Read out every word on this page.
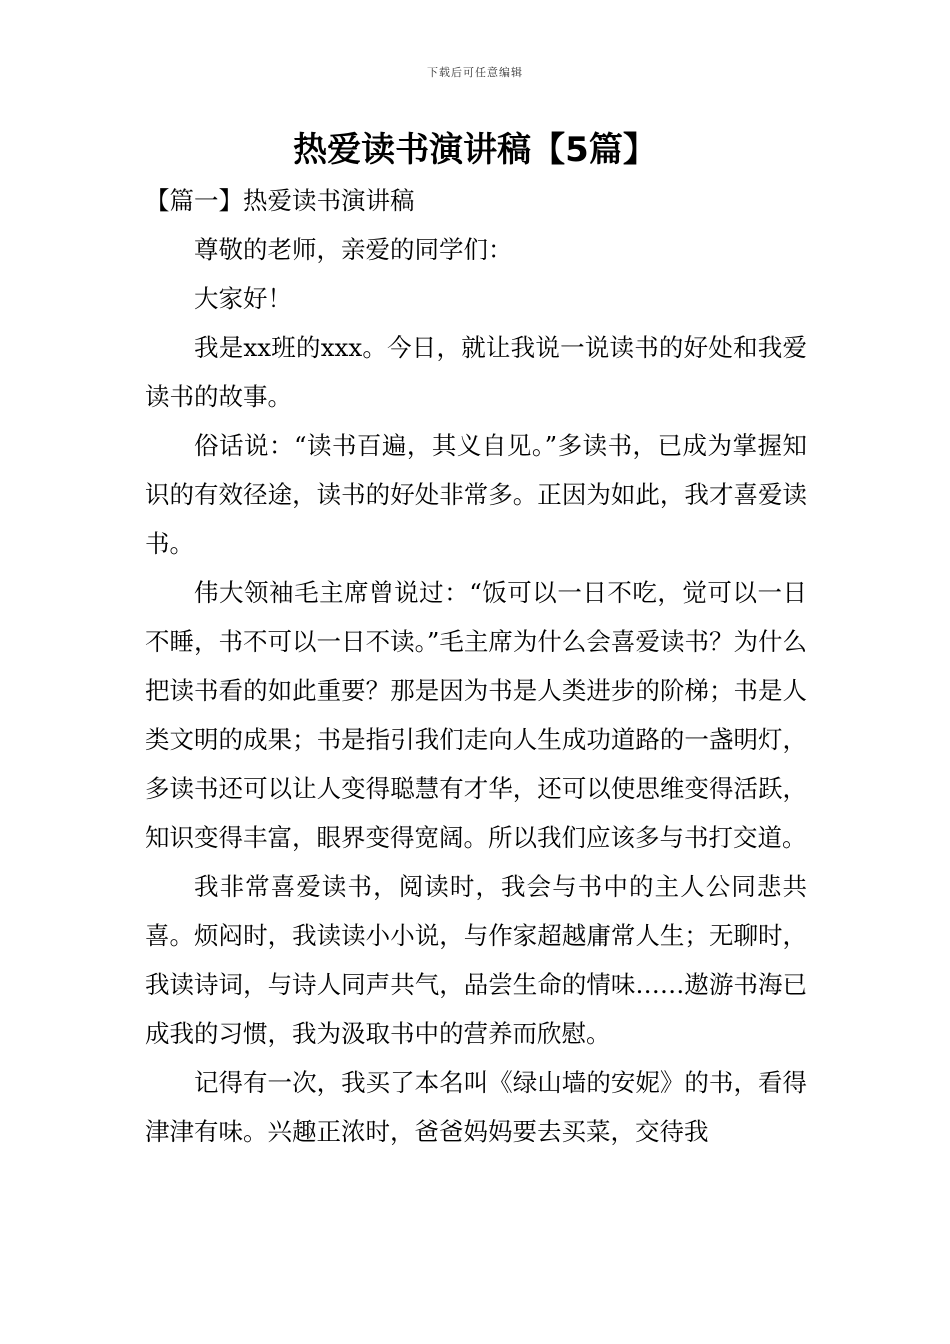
下载后可任意编辑
热爱读书演讲稿【5篇】
【篇一】热爱读书演讲稿

尊敬的老师，亲爱的同学们：

大家好！

我是xx班的xxx。今日，就让我说一说读书的好处和我爱读书的故事。

俗话说：“读书百遍，其义自见。”多读书，已成为掌握知识的有效径途，读书的好处非常多。正因为如此，我才喜爱读书。

伟大领袖毛主席曾说过：“饭可以一日不吃，觉可以一日不睡，书不可以一日不读。”毛主席为什么会喜爱读书？为什么把读书看的如此重要？那是因为书是人类进步的阶梯；书是人类文明的成果；书是指引我们走向人生成功道路的一盏明灯，多读书还可以让人变得聪慧有才华，还可以使思维变得活跃，知识变得丰富，眼界变得宽阔。所以我们应该多与书打交道。

我非常喜爱读书，阅读时，我会与书中的主人公同悲共喜。烦闷时，我读读小小说，与作家超越庸常人生；无聊时，我读诗词，与诗人同声共气，品尝生命的情味……遨游书海已成我的习惯，我为汲取书中的营养而欣慰。

记得有一次，我买了本名叫《绿山墙的安妮》的书，看得津津有味。兴趣正浓时，爸爸妈妈要去买菜，交待我
